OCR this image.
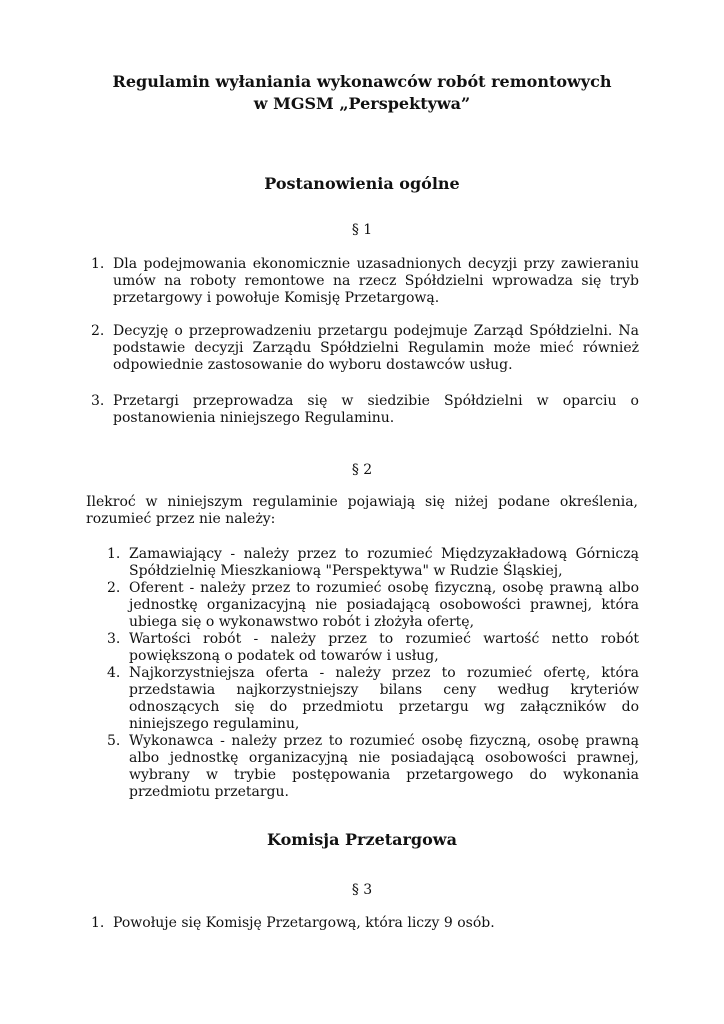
Regulamin wyłaniania wykonawców robót remontowych
w MGSM „Perspektywa”
Postanowienia ogólne
§ 1
1. Dla podejmowania ekonomicznie uzasadnionych decyzji przy zawieraniu umów na roboty remontowe na rzecz Spółdzielni wprowadza się tryb przetargowy i powołuje Komisję Przetargową.
2. Decyzję o przeprowadzeniu przetargu podejmuje Zarząd Spółdzielni. Na podstawie decyzji Zarządu Spółdzielni Regulamin może mieć również odpowiednie zastosowanie do wyboru dostawców usług.
3. Przetargi przeprowadza się w siedzibie Spółdzielni w oparciu o postanowienia niniejszego Regulaminu.
§ 2
Ilekroć w niniejszym regulaminie pojawiają się niżej podane określenia, rozumieć przez nie należy:
1. Zamawiający - należy przez to rozumieć Międzyzakładową Górniczą Spółdzielnię Mieszkaniową "Perspektywa" w Rudzie Śląskiej,
2. Oferent - należy przez to rozumieć osobę fizyczną, osobę prawną albo jednostkę organizacyjną nie posiadającą osobowości prawnej, która ubiega się o wykonawstwo robót i złożyła ofertę,
3. Wartości robót - należy przez to rozumieć wartość netto robót powiększoną o podatek od towarów i usług,
4. Najkorzystniejsza oferta - należy przez to rozumieć ofertę, która przedstawia najkorzystniejszy bilans ceny według kryteriów odnoszących się do przedmiotu przetargu wg załączników do niniejszego regulaminu,
5. Wykonawca - należy przez to rozumieć osobę fizyczną, osobę prawną albo jednostkę organizacyjną nie posiadającą osobowości prawnej, wybrany w trybie postępowania przetargowego do wykonania przedmiotu przetargu.
Komisja Przetargowa
§ 3
1. Powołuje się Komisję Przetargową, która liczy 9 osób.
